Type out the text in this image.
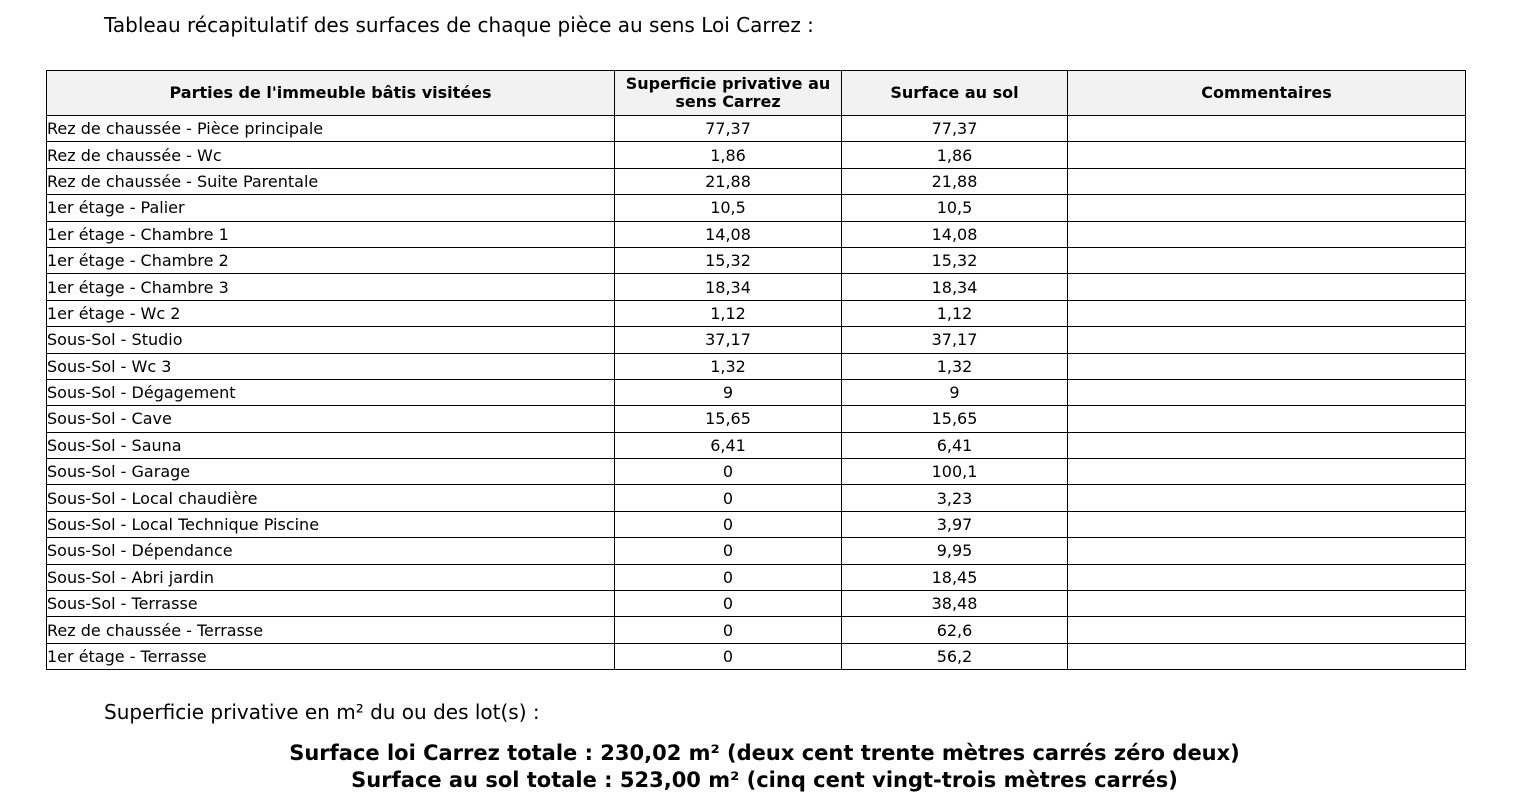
Tableau récapitulatif des surfaces de chaque pièce au sens Loi Carrez :
Parties de l'immeuble bâtis visitées	Superficie privative au
sens Carrez	Surface au sol	Commentaires
Rez de chaussée - Pièce principale	77,37	77,37	
Rez de chaussée - Wc	1,86	1,86	
Rez de chaussée - Suite Parentale	21,88	21,88	
1er étage - Palier	10,5	10,5	
1er étage - Chambre 1	14,08	14,08	
1er étage - Chambre 2	15,32	15,32	
1er étage - Chambre 3	18,34	18,34	
1er étage - Wc 2	1,12	1,12	
Sous-Sol - Studio	37,17	37,17	
Sous-Sol - Wc 3	1,32	1,32	
Sous-Sol - Dégagement	9	9	
Sous-Sol - Cave	15,65	15,65	
Sous-Sol - Sauna	6,41	6,41	
Sous-Sol - Garage	0	100,1	
Sous-Sol - Local chaudière	0	3,23	
Sous-Sol - Local Technique Piscine	0	3,97	
Sous-Sol - Dépendance	0	9,95	
Sous-Sol - Abri jardin	0	18,45	
Sous-Sol - Terrasse	0	38,48	
Rez de chaussée - Terrasse	0	62,6	
1er étage - Terrasse	0	56,2	
Superficie privative en m² du ou des lot(s) :
Surface loi Carrez totale : 230,02 m² (deux cent trente mètres carrés zéro deux)
Surface au sol totale : 523,00 m² (cinq cent vingt-trois mètres carrés)
